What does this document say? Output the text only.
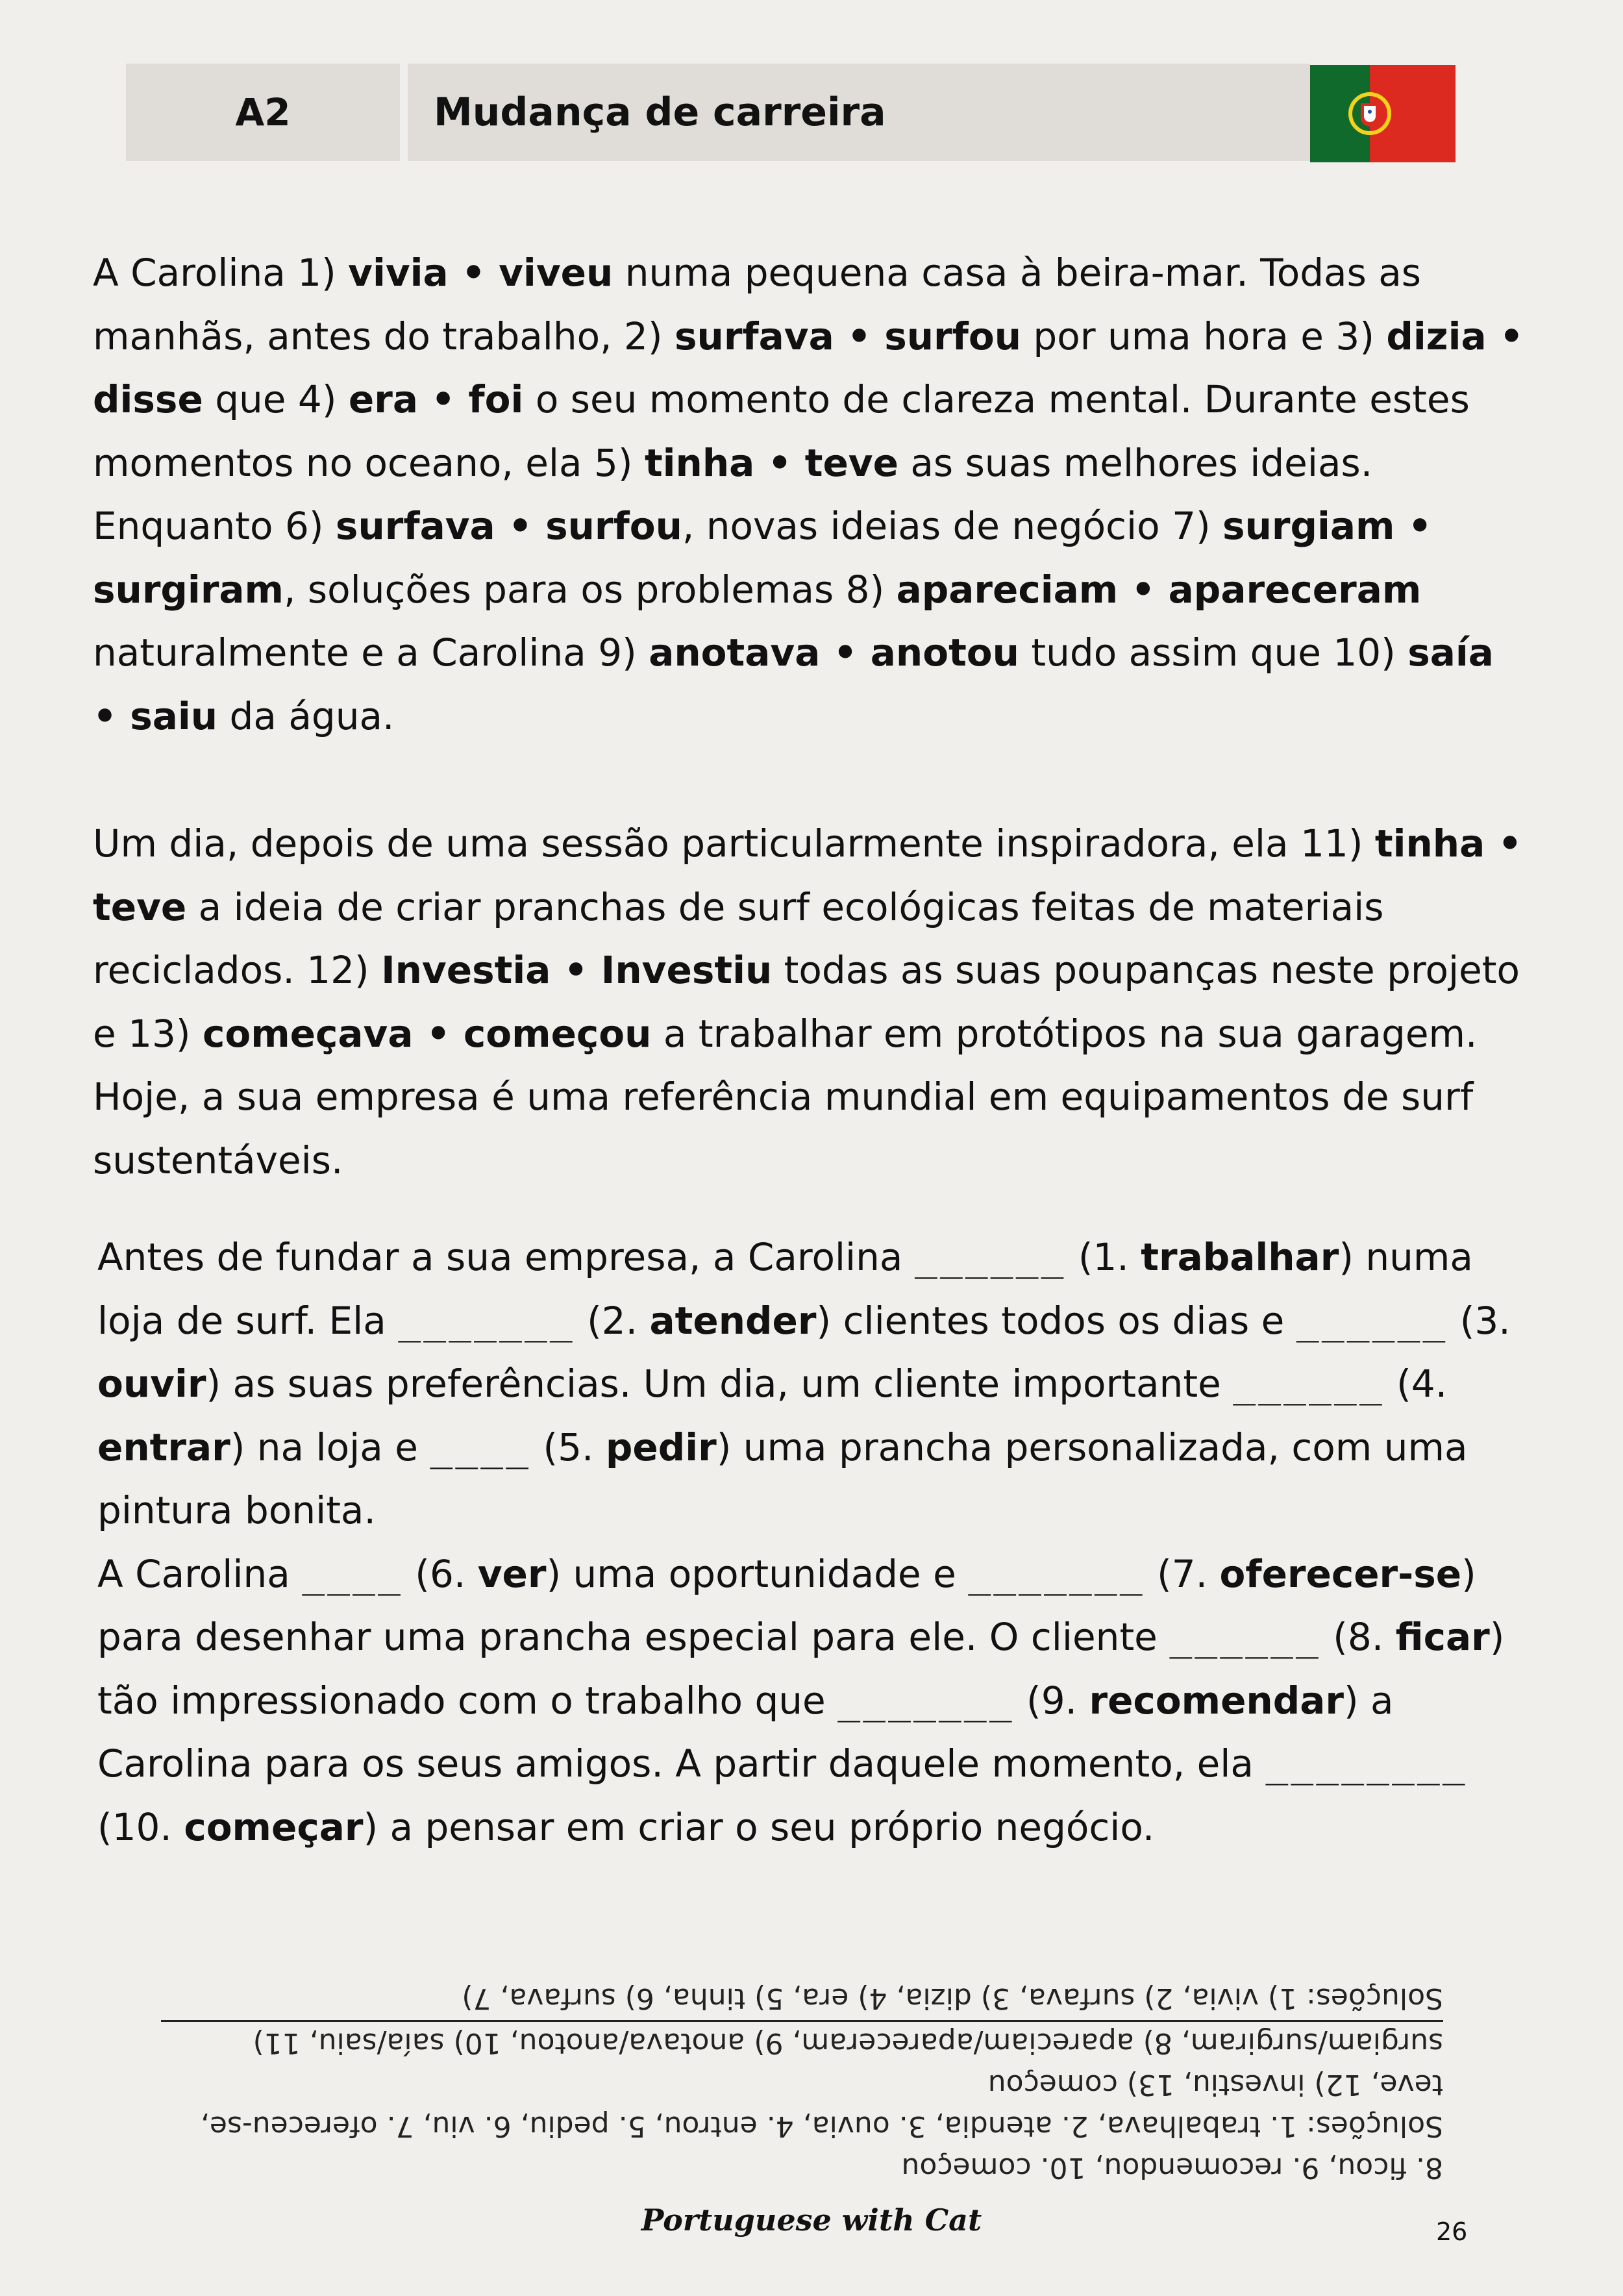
A2	Mudança de carreira
A Carolina 1) vivia • viveu numa pequena casa à beira-mar. Todas as manhãs, antes do trabalho, 2) surfava • surfou por uma hora e 3) dizia • disse que 4) era • foi o seu momento de clareza mental. Durante estes momentos no oceano, ela 5) tinha • teve as suas melhores ideias. Enquanto 6) surfava • surfou, novas ideias de negócio 7) surgiam • surgiram, soluções para os problemas 8) apareciam • apareceram naturalmente e a Carolina 9) anotava • anotou tudo assim que 10) saía • saiu da água.
Um dia, depois de uma sessão particularmente inspiradora, ela 11) tinha • teve a ideia de criar pranchas de surf ecológicas feitas de materiais reciclados. 12) Investia • Investiu todas as suas poupanças neste projeto e 13) começava • começou a trabalhar em protótipos na sua garagem. Hoje, a sua empresa é uma referência mundial em equipamentos de surf sustentáveis.
Antes de fundar a sua empresa, a Carolina ______ (1. trabalhar) numa loja de surf. Ela _______ (2. atender) clientes todos os dias e ______ (3. ouvir) as suas preferências. Um dia, um cliente importante ______ (4. entrar) na loja e ____ (5. pedir) uma prancha personalizada, com uma pintura bonita.
A Carolina ____ (6. ver) uma oportunidade e _______ (7. oferecer-se) para desenhar uma prancha especial para ele. O cliente ______ (8. ficar) tão impressionado com o trabalho que _______ (9. recomendar) a Carolina para os seus amigos. A partir daquele momento, ela ________ (10. começar) a pensar em criar o seu próprio negócio.
8. ficou, 9. recomendou, 10. começou
Soluções: 1. trabalhava, 2. atendia, 3. ouvia, 4. entrou, 5. pediu, 6. viu, 7. ofereceu-se,
teve, 12) investiu, 13) começou
surgiam/surgiram, 8) apareciam/apareceram, 9) anotava/anotou, 10) saía/saiu, 11)
Soluções: 1) vivia, 2) surfava, 3) dizia, 4) era, 5) tinha, 6) surfava, 7)
Portuguese with Cat	26
